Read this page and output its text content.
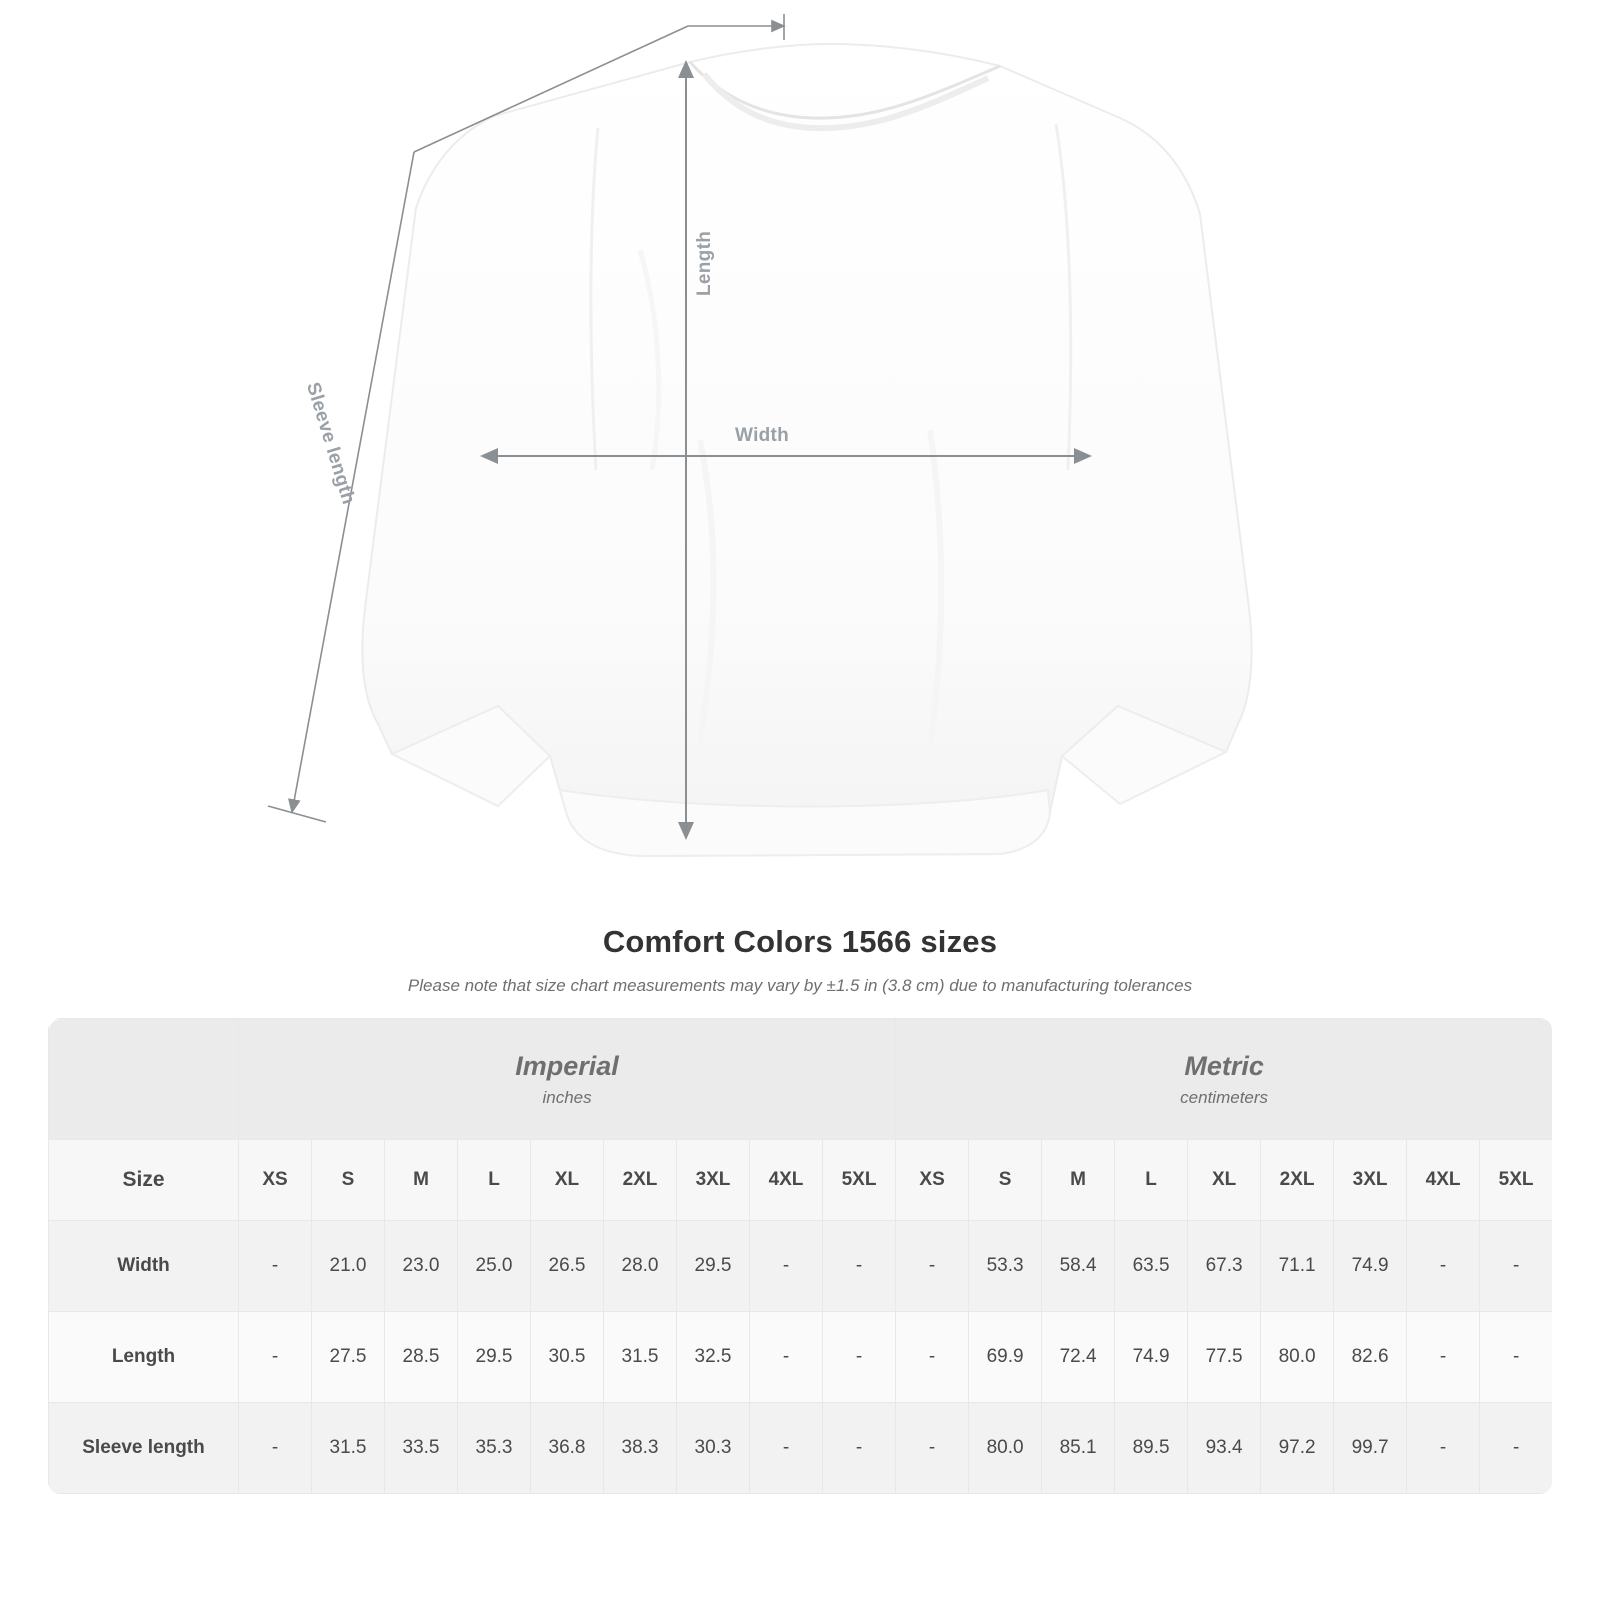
Width
Length
Sleeve length
Comfort Colors 1566 sizes
Please note that size chart measurements may vary by ±1.5 in (3.8 cm) due to manufacturing tolerances

Imperial
inches

Metric
centimeters

Size	XS	S	M	L	XL	2XL	3XL	4XL	5XL	XS	S	M	L	XL	2XL	3XL	4XL	5XL
Width	-	21.0	23.0	25.0	26.5	28.0	29.5	-	-	-	53.3	58.4	63.5	67.3	71.1	74.9	-	-
Length	-	27.5	28.5	29.5	30.5	31.5	32.5	-	-	-	69.9	72.4	74.9	77.5	80.0	82.6	-	-
Sleeve length	-	31.5	33.5	35.3	36.8	38.3	30.3	-	-	-	80.0	85.1	89.5	93.4	97.2	99.7	-	-
